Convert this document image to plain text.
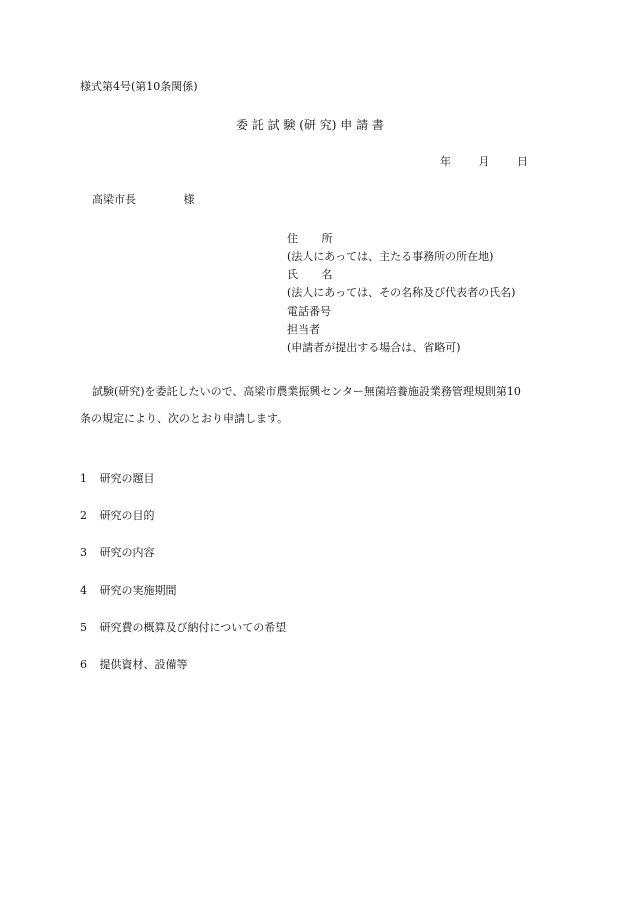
様式第4号(第10条関係)
委 託 試 験 (研 究) 申 請 書
年	月	日
高梁市長	様
住 所
(法人にあっては、主たる事務所の所在地)
氏 名
(法人にあっては、その名称及び代表者の氏名)
電話番号
担当者
(申請者が提出する場合は、省略可)
試験(研究)を委託したいので、高梁市農業振興センター無菌培養施設業務管理規則第10
条の規定により、次のとおり申請します。
1 研究の題目
2 研究の目的
3 研究の内容
4 研究の実施期間
5 研究費の概算及び納付についての希望
6 提供資材、設備等
